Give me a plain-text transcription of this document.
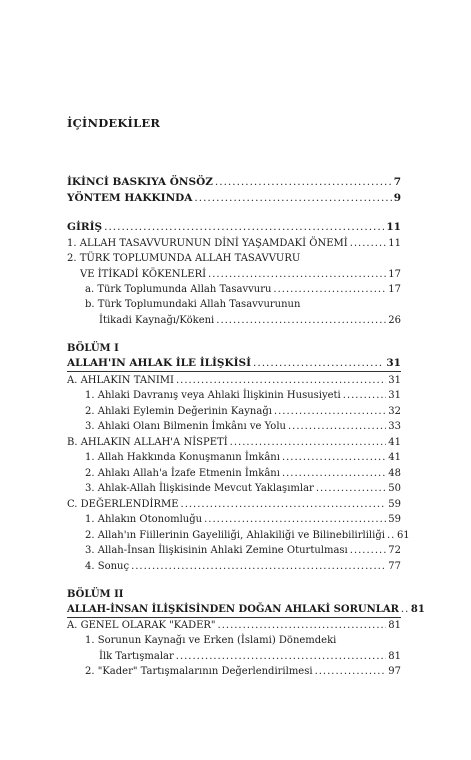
İÇİNDEKİLER
İKİNCİ BASKIYA ÖNSÖZ .....	7
YÖNTEM HAKKINDA .....	9
GİRİŞ .....	11
1. ALLAH TASAVVURUNUN DİNİ YAŞAMDAKİ ÖNEMİ .....	11
2. TÜRK TOPLUMUNDA ALLAH TASAVVURU
VE İTİKADİ KÖKENLERİ .....	17
a. Türk Toplumunda Allah Tasavvuru .....	17
b. Türk Toplumundaki Allah Tasavvurunun
İtikadi Kaynağı/Kökeni .....	26
BÖLÜM I
ALLAH'IN AHLAK İLE İLİŞKİSİ .....	31
A. AHLAKIN TANIMI .....	31
1. Ahlaki Davranış veya Ahlaki İlişkinin Hususiyeti .....	31
2. Ahlaki Eylemin Değerinin Kaynağı .....	32
3. Ahlaki Olanı Bilmenin İmkânı ve Yolu .....	33
B. AHLAKIN ALLAH'A NİSPETİ .....	41
1. Allah Hakkında Konuşmanın İmkânı .....	41
2. Ahlakı Allah'a İzafe Etmenin İmkânı .....	48
3. Ahlak-Allah İlişkisinde Mevcut Yaklaşımlar .....	50
C. DEĞERLENDİRME .....	59
1. Ahlakın Otonomluğu .....	59
2. Allah'ın Fiillerinin Gayeliliği, Ahlakiliği ve Bilinebilirliliği ..... 61
3. Allah-İnsan İlişkisinin Ahlaki Zemine Oturtulması .....	72
4. Sonuç .....	77
BÖLÜM II
ALLAH-İNSAN İLİŞKİSİNDEN DOĞAN AHLAKİ SORUNLAR ..... 81
A. GENEL OLARAK "KADER" .....	81
1. Sorunun Kaynağı ve Erken (İslami) Dönemdeki
İlk Tartışmalar .....	81
2. "Kader" Tartışmalarının Değerlendirilmesi .....	97
